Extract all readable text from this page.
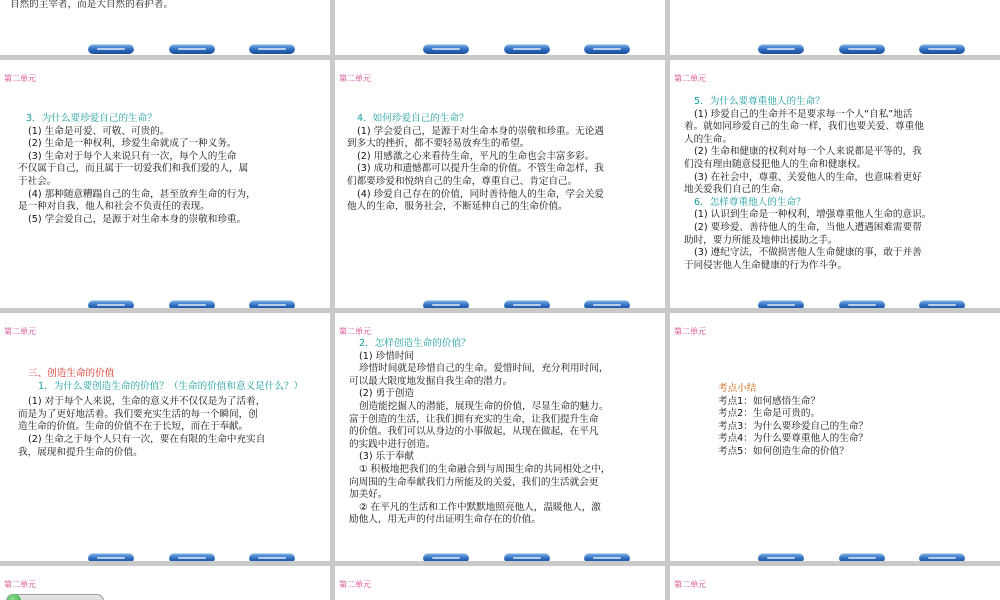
自然的主宰者，而是大自然的看护者。
第二单元

3．为什么要珍爱自己的生命？

(1) 生命是可爱、可敬、可贵的。

(2) 生命是一种权利，珍爱生命就成了一种义务。

(3) 生命对于每个人来说只有一次，每个人的生命

不仅属于自己，而且属于一切爱我们和我们爱的人，属

于社会。

(4) 那种随意糟蹋自己的生命，甚至放弃生命的行为，

是一种对自我、他人和社会不负责任的表现。

(5) 学会爱自己，是源于对生命本身的崇敬和珍重。

第二单元

4．如何珍爱自己的生命？

(1) 学会爱自己，是源于对生命本身的崇敬和珍重。无论遇

到多大的挫折，都不要轻易放弃生的希望。

(2) 用感激之心来看待生命，平凡的生命也会丰富多彩。

(3) 成功和遗憾都可以提升生命的价值。不管生命怎样，我

们都要珍爱和悦纳自己的生命，尊重自己、肯定自己。

(4) 珍爱自己存在的价值，同时善待他人的生命，学会关爱

他人的生命，服务社会，不断延伸自己的生命价值。

第二单元

5．为什么要尊重他人的生命？

(1) 珍爱自己的生命并不是要求每一个人“自私”地活

着。就如同珍爱自己的生命一样，我们也要关爱、尊重他

人的生命。

(2) 生命和健康的权利对每一个人来说都是平等的，我

们没有理由随意侵犯他人的生命和健康权。

(3) 在社会中，尊重、关爱他人的生命，也意味着更好

地关爱我们自己的生命。

6．怎样尊重他人的生命？

(1) 认识到生命是一种权利，增强尊重他人生命的意识。

(2) 要珍爱、善待他人的生命，当他人遭遇困难需要帮

助时，要力所能及地伸出援助之手。

(3) 遵纪守法，不做损害他人生命健康的事，敢于并善

于同侵害他人生命健康的行为作斗争。

第二单元

三、创造生命的价值

1．为什么要创造生命的价值？（生命的价值和意义是什么？）

(1) 对于每个人来说，生命的意义并不仅仅是为了活着，

而是为了更好地活着。我们要充实生活的每一个瞬间，创

造生命的价值。生命的价值不在于长短，而在于奉献。

(2) 生命之于每个人只有一次，要在有限的生命中充实自

我，展现和提升生命的价值。

第二单元

2．怎样创造生命的价值？

(1) 珍惜时间

珍惜时间就是珍惜自己的生命。爱惜时间，充分利用时间，

可以最大限度地发掘自我生命的潜力。

(2) 勇于创造

创造能挖掘人的潜能，展现生命的价值，尽显生命的魅力。

富于创造的生活，让我们拥有充实的生命，让我们提升生命

的价值。我们可以从身边的小事做起，从现在做起，在平凡

的实践中进行创造。

(3) 乐于奉献

① 积极地把我们的生命融合到与周围生命的共同相处之中，

向周围的生命奉献我们力所能及的关爱，我们的生活就会更

加美好。

② 在平凡的生活和工作中默默地照亮他人，温暖他人，激

励他人，用无声的付出证明生命存在的价值。

第二单元

考点小结

考点1：如何感悟生命？

考点2：生命是可贵的。

考点3：为什么要珍爱自己的生命？

考点4：为什么要尊重他人的生命？

考点5：如何创造生命的价值？

第二单元	第二单元	第二单元
